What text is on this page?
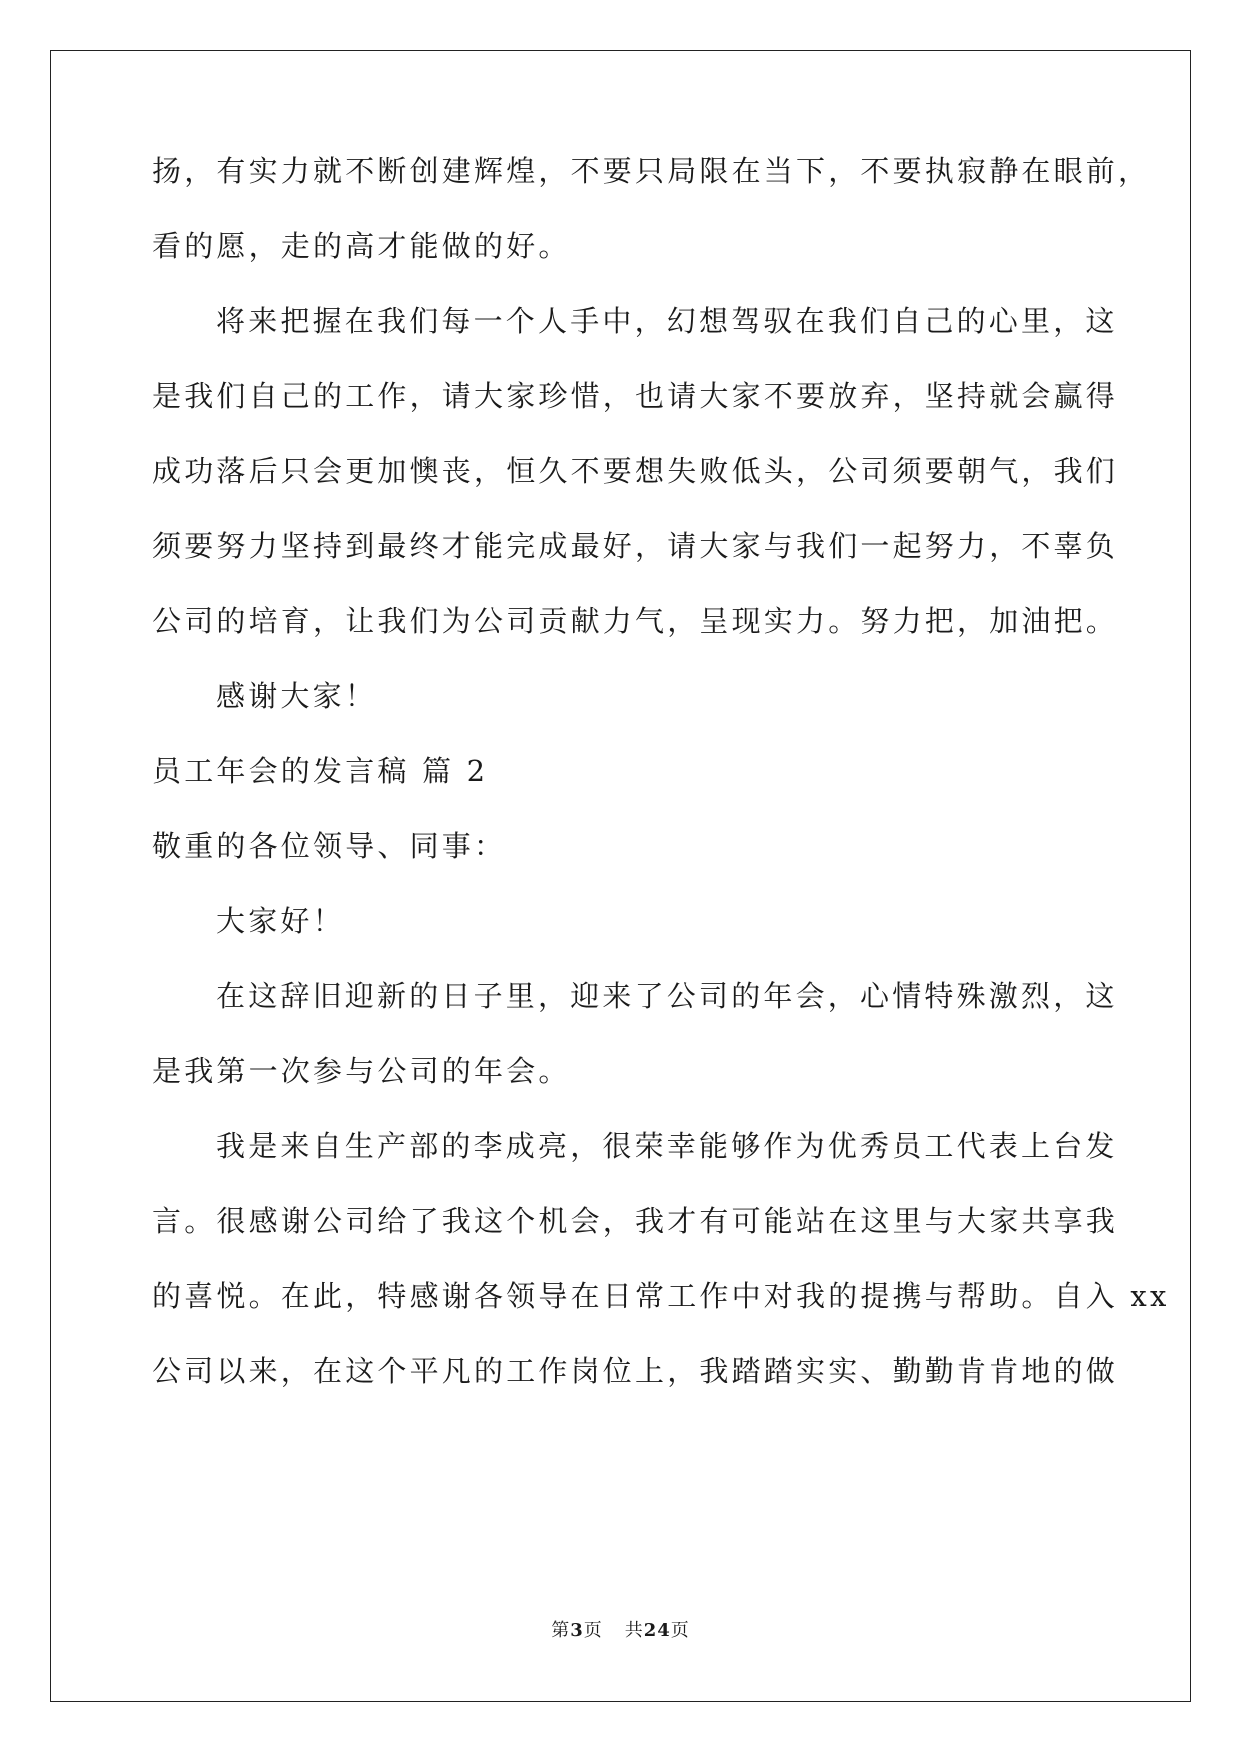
扬，有实力就不断创建辉煌，不要只局限在当下，不要执寂静在眼前，
看的愿，走的高才能做的好。
将来把握在我们每一个人手中，幻想驾驭在我们自己的心里，这
是我们自己的工作，请大家珍惜，也请大家不要放弃，坚持就会赢得
成功落后只会更加懊丧，恒久不要想失败低头，公司须要朝气，我们
须要努力坚持到最终才能完成最好，请大家与我们一起努力，不辜负
公司的培育，让我们为公司贡献力气，呈现实力。努力把，加油把。
感谢大家！
员工年会的发言稿 篇 2
敬重的各位领导、同事：
大家好！
在这辞旧迎新的日子里，迎来了公司的年会，心情特殊激烈，这
是我第一次参与公司的年会。
我是来自生产部的李成亮，很荣幸能够作为优秀员工代表上台发
言。很感谢公司给了我这个机会，我才有可能站在这里与大家共享我
的喜悦。在此，特感谢各领导在日常工作中对我的提携与帮助。自入 xx
公司以来，在这个平凡的工作岗位上，我踏踏实实、勤勤肯肯地的做
第3页 共24页
